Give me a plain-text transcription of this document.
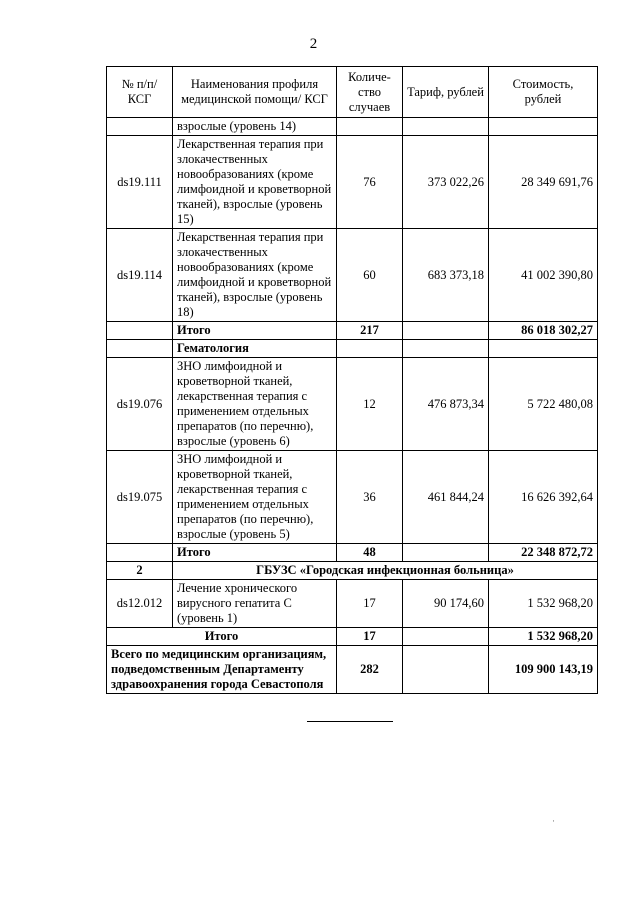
2
№ п/п/ КСГ	Наименования профиля медицинской помощи/ КСГ	Количе-ство случаев	Тариф, рублей	Стоимость, рублей
	взрослые (уровень 14)			
ds19.111	Лекарственная терапия при злокачественных новообразованиях (кроме лимфоидной и кроветворной тканей), взрослые (уровень 15)	76	373 022,26	28 349 691,76
ds19.114	Лекарственная терапия при злокачественных новообразованиях (кроме лимфоидной и кроветворной тканей), взрослые (уровень 18)	60	683 373,18	41 002 390,80
	Итого	217		86 018 302,27
	Гематология			
ds19.076	ЗНО лимфоидной и кроветворной тканей, лекарственная терапия с применением отдельных препаратов (по перечню), взрослые (уровень 6)	12	476 873,34	5 722 480,08
ds19.075	ЗНО лимфоидной и кроветворной тканей, лекарственная терапия с применением отдельных препаратов (по перечню), взрослые (уровень 5)	36	461 844,24	16 626 392,64
	Итого	48		22 348 872,72
2	ГБУЗС «Городская инфекционная больница»			
ds12.012	Лечение хронического вирусного гепатита С (уровень 1)	17	90 174,60	1 532 968,20
Итого		17		1 532 968,20
Всего по медицинским организациям, подведомственным Департаменту здравоохранения города Севастополя		282		109 900 143,19
·
